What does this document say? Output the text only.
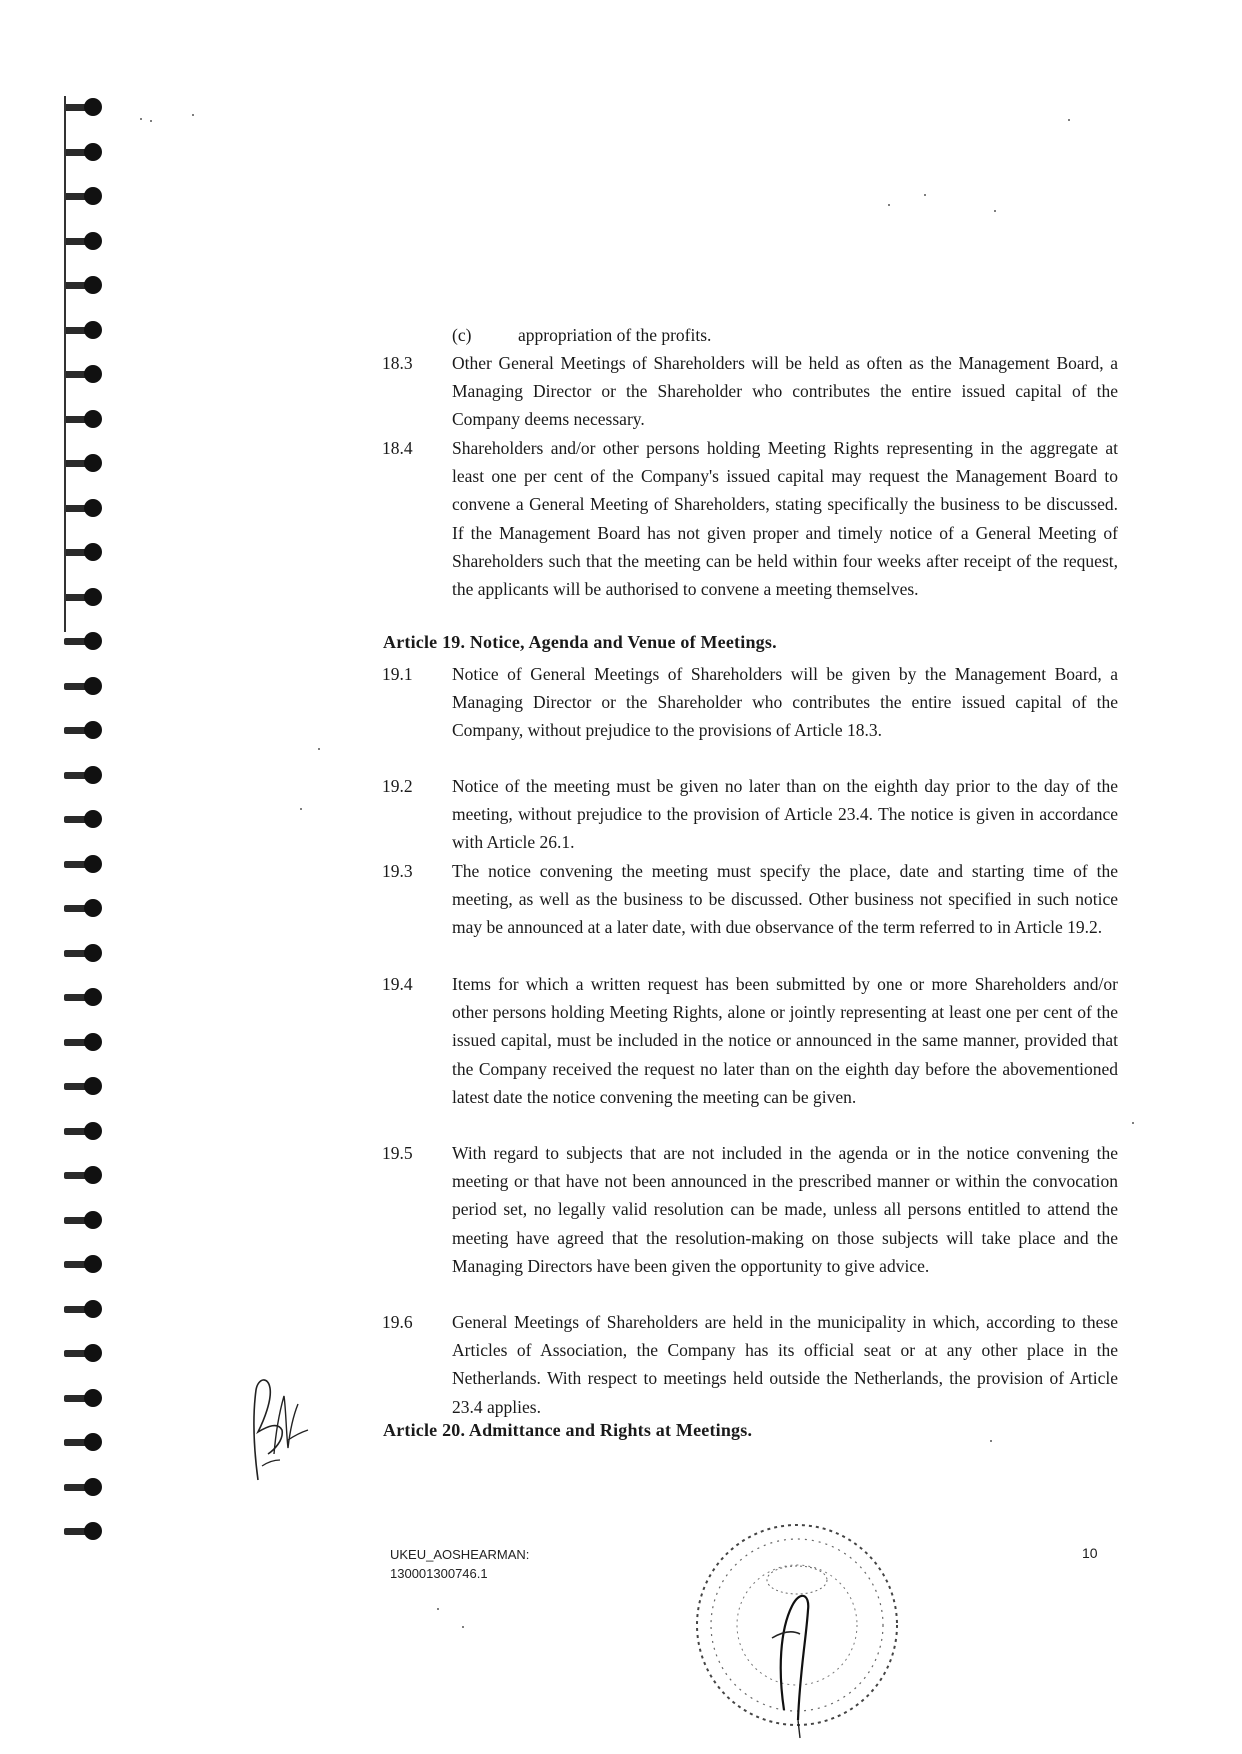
(c)	appropriation of the profits.
18.3	Other General Meetings of Shareholders will be held as often as the Management Board, a Managing Director or the Shareholder who contributes the entire issued capital of the Company deems necessary.
18.4	Shareholders and/or other persons holding Meeting Rights representing in the aggregate at least one per cent of the Company's issued capital may request the Management Board to convene a General Meeting of Shareholders, stating specifically the business to be discussed. If the Management Board has not given proper and timely notice of a General Meeting of Shareholders such that the meeting can be held within four weeks after receipt of the request, the applicants will be authorised to convene a meeting themselves.
Article 19. Notice, Agenda and Venue of Meetings.
19.1	Notice of General Meetings of Shareholders will be given by the Management Board, a Managing Director or the Shareholder who contributes the entire issued capital of the Company, without prejudice to the provisions of Article 18.3.
19.2	Notice of the meeting must be given no later than on the eighth day prior to the day of the meeting, without prejudice to the provision of Article 23.4. The notice is given in accordance with Article 26.1.
19.3	The notice convening the meeting must specify the place, date and starting time of the meeting, as well as the business to be discussed. Other business not specified in such notice may be announced at a later date, with due observance of the term referred to in Article 19.2.
19.4	Items for which a written request has been submitted by one or more Shareholders and/or other persons holding Meeting Rights, alone or jointly representing at least one per cent of the issued capital, must be included in the notice or announced in the same manner, provided that the Company received the request no later than on the eighth day before the abovementioned latest date the notice convening the meeting can be given.
19.5	With regard to subjects that are not included in the agenda or in the notice convening the meeting or that have not been announced in the prescribed manner or within the convocation period set, no legally valid resolution can be made, unless all persons entitled to attend the meeting have agreed that the resolution-making on those subjects will take place and the Managing Directors have been given the opportunity to give advice.
19.6	General Meetings of Shareholders are held in the municipality in which, according to these Articles of Association, the Company has its official seat or at any other place in the Netherlands. With respect to meetings held outside the Netherlands, the provision of Article 23.4 applies.
Article 20. Admittance and Rights at Meetings.
UKEU_AOSHEARMAN:
130001300746.1
10
